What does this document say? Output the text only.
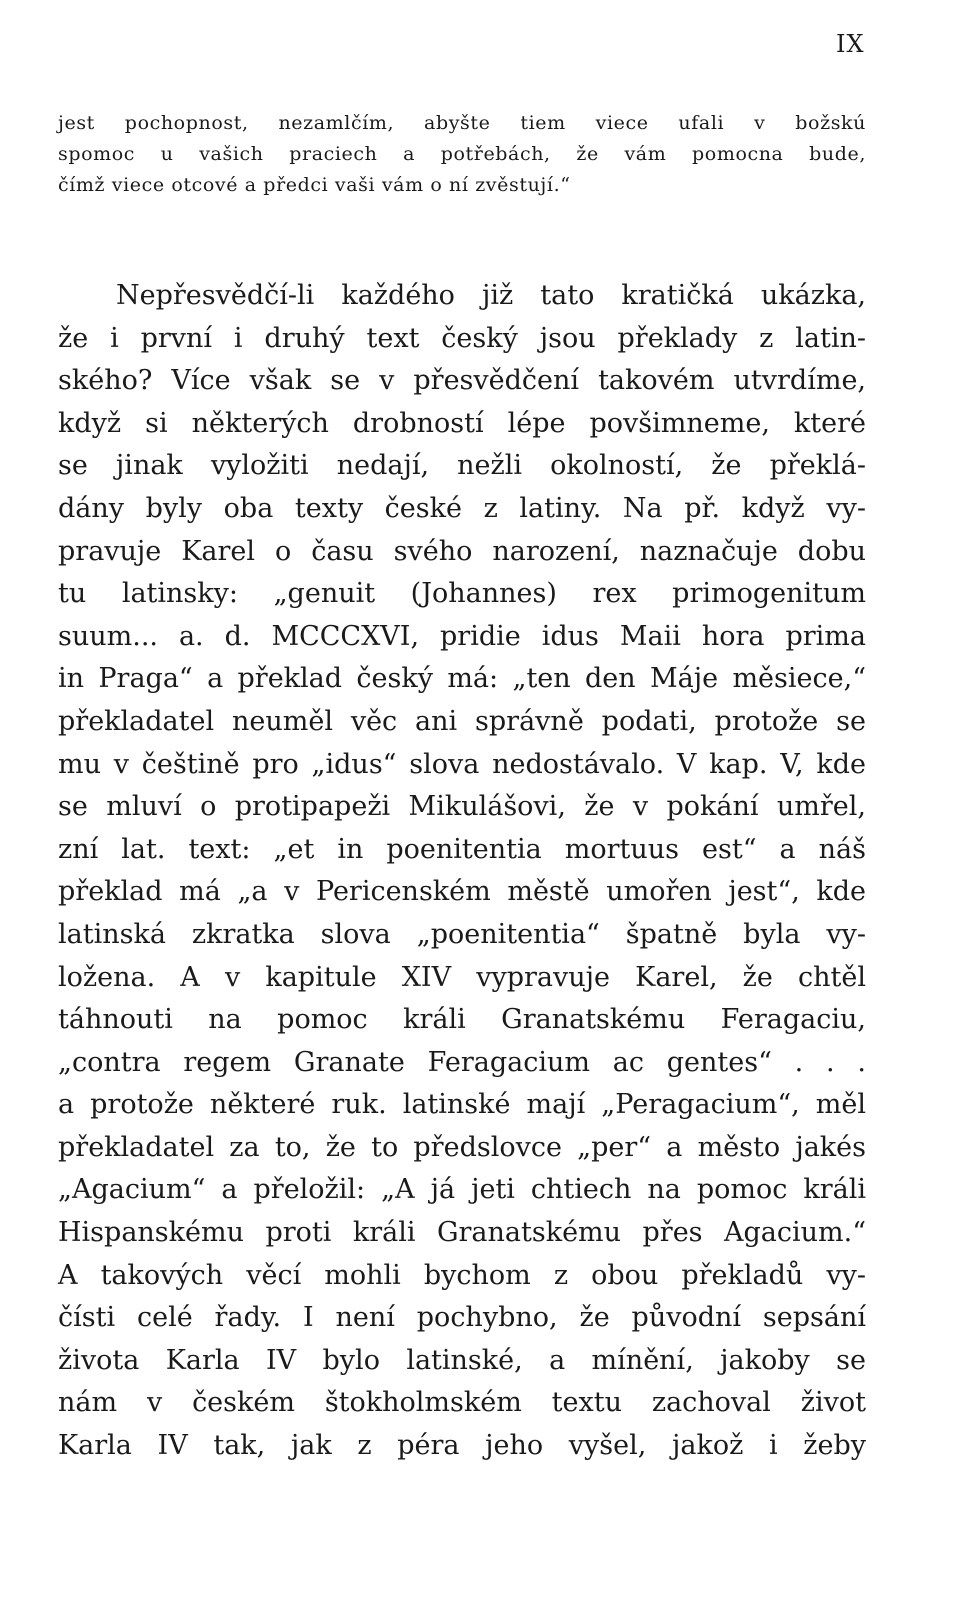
IX
jest pochopnost, nezamlčím, abyšte tiem viece ufali v božskú
spomoc u vašich praciech a potřebách, že vám pomocna bude,
čímž viece otcové a předci vaši vám o ní zvěstují.“
Nepřesvědčí-li každého již tato kratičká ukázka,
že i první i druhý text český jsou překlady z latin-
ského? Více však se v přesvědčení takovém utvrdíme,
když si některých drobností lépe povšimneme, které
se jinak vyložiti nedají, nežli okolností, že překlá-
dány byly oba texty české z latiny. Na př. když vy-
pravuje Karel o času svého narození, naznačuje dobu
tu latinsky: „genuit (Johannes) rex primogenitum
suum... a. d. MCCCXVI, pridie idus Maii hora prima
in Praga“ a překlad český má: „ten den Máje měsiece,“
překladatel neuměl věc ani správně podati, protože se
mu v češtině pro „idus“ slova nedostávalo. V kap. V, kde
se mluví o protipapeži Mikulášovi, že v pokání umřel,
zní lat. text: „et in poenitentia mortuus est“ a náš
překlad má „a v Pericenském městě umořen jest“, kde
latinská zkratka slova „poenitentia“ špatně byla vy-
ložena. A v kapitule XIV vypravuje Karel, že chtěl
táhnouti na pomoc králi Granatskému Feragaciu,
„contra regem Granate Feragacium ac gentes“ . . .
a protože některé ruk. latinské mají „Peragacium“, měl
překladatel za to, že to předslovce „per“ a město jakés
„Agacium“ a přeložil: „A já jeti chtiech na pomoc králi
Hispanskému proti králi Granatskému přes Agacium.“
A takových věcí mohli bychom z obou překladů vy-
čísti celé řady. I není pochybno, že původní sepsání
života Karla IV bylo latinské, a mínění, jakoby se
nám v českém štokholmském textu zachoval život
Karla IV tak, jak z péra jeho vyšel, jakož i žeby
